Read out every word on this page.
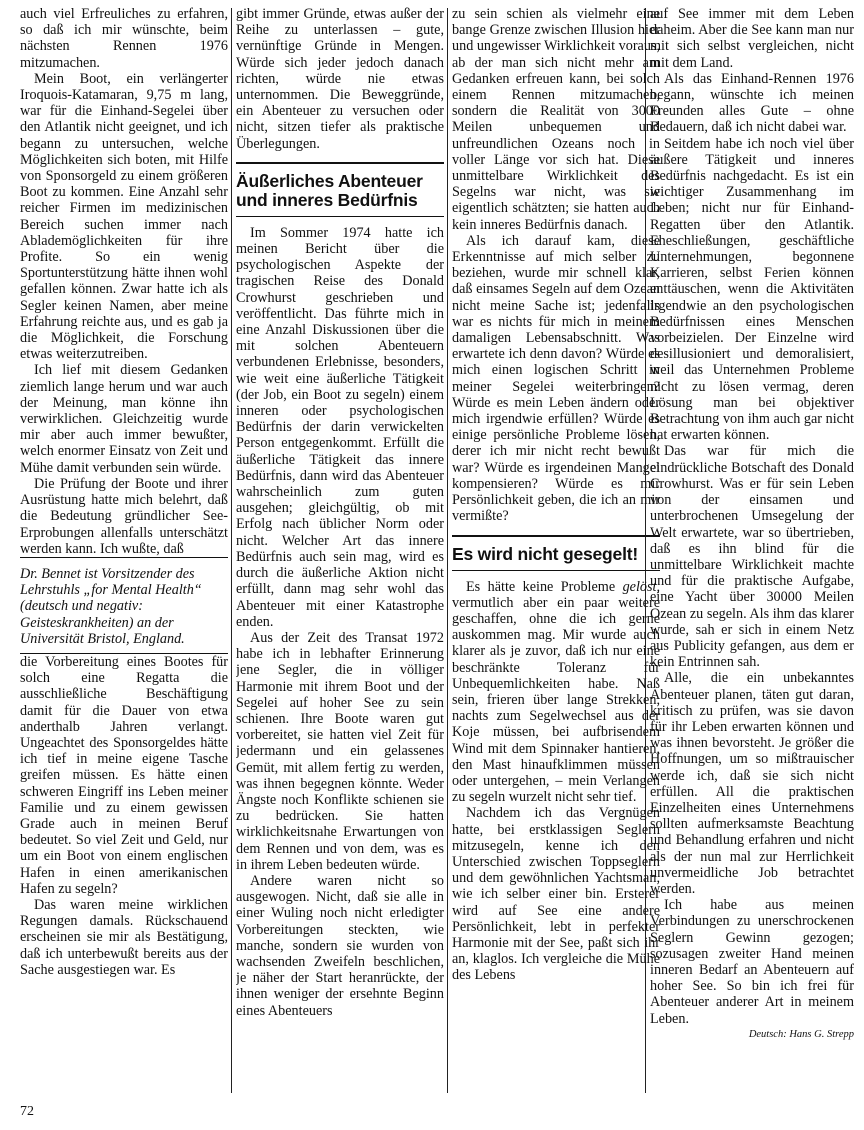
auch viel Erfreuliches zu erfahren, so daß ich mir wünschte, beim nächsten Rennen 1976 mitzumachen.

Mein Boot, ein verlängerter Iroquois-Katamaran, 9,75 m lang, war für die Einhand-Segelei über den Atlantik nicht geeignet, und ich begann zu untersuchen, welche Möglichkeiten sich boten, mit Hilfe von Sponsorgeld zu einem größeren Boot zu kommen. Eine Anzahl sehr reicher Firmen im medizinischen Bereich suchen immer nach Ablademöglichkeiten für ihre Profite. So ein wenig Sportunterstützung hätte ihnen wohl gefallen können. Zwar hatte ich als Segler keinen Namen, aber meine Erfahrung reichte aus, und es gab ja die Möglichkeit, die Forschung etwas weiterzutreiben.

Ich lief mit diesem Gedanken ziemlich lange herum und war auch der Meinung, man könne ihn verwirklichen. Gleichzeitig wurde mir aber auch immer bewußter, welch enormer Einsatz von Zeit und Mühe damit verbunden sein würde.

Die Prüfung der Boote und ihrer Ausrüstung hatte mich belehrt, daß die Bedeutung gründlicher See-Erprobungen allenfalls unterschätzt werden kann. Ich wußte, daß

Dr. Bennet ist Vorsitzender des Lehrstuhls „for Mental Health“ (deutsch und negativ: Geisteskrankheiten) an der Universität Bristol, England.

die Vorbereitung eines Bootes für solch eine Regatta die ausschließliche Beschäftigung damit für die Dauer von etwa anderthalb Jahren verlangt. Ungeachtet des Sponsorgeldes hätte ich tief in meine eigene Tasche greifen müssen. Es hätte einen schweren Eingriff ins Leben meiner Familie und zu einem gewissen Grade auch in meinen Beruf bedeutet. So viel Zeit und Geld, nur um ein Boot von einem englischen Hafen in einen amerikanischen Hafen zu segeln?

Das waren meine wirklichen Regungen damals. Rückschauend erscheinen sie mir als Bestätigung, daß ich unterbewußt bereits aus der Sache ausgestiegen war. Es

gibt immer Gründe, etwas außer der Reihe zu unterlassen – gute, vernünftige Gründe in Mengen. Würde sich jeder jedoch danach richten, würde nie etwas unternommen. Die Beweggründe, ein Abenteuer zu versuchen oder nicht, sitzen tiefer als praktische Überlegungen.

Äußerliches Abenteuer und inneres Bedürfnis

Im Sommer 1974 hatte ich meinen Bericht über die psychologischen Aspekte der tragischen Reise des Donald Crowhurst geschrieben und veröffentlicht. Das führte mich in eine Anzahl Diskussionen über die mit solchen Abenteuern verbundenen Erlebnisse, besonders, wie weit eine äußerliche Tätigkeit (der Job, ein Boot zu segeln) einem inneren oder psychologischen Bedürfnis der darin verwickelten Person entgegenkommt. Erfüllt die äußerliche Tätigkeit das innere Bedürfnis, dann wird das Abenteuer wahrscheinlich zum guten ausgehen; gleichgültig, ob mit Erfolg nach üblicher Norm oder nicht. Welcher Art das innere Bedürfnis auch sein mag, wird es durch die äußerliche Aktion nicht erfüllt, dann mag sehr wohl das Abenteuer mit einer Katastrophe enden.

Aus der Zeit des Transat 1972 habe ich in lebhafter Erinnerung jene Segler, die in völliger Harmonie mit ihrem Boot und der Segelei auf hoher See zu sein schienen. Ihre Boote waren gut vorbereitet, sie hatten viel Zeit für jedermann und ein gelassenes Gemüt, mit allem fertig zu werden, was ihnen begegnen könnte. Weder Ängste noch Konflikte schienen sie zu bedrücken. Sie hatten wirklichkeitsnahe Erwartungen von dem Rennen und von dem, was es in ihrem Leben bedeuten würde.

Andere waren nicht so ausgewogen. Nicht, daß sie alle in einer Wuling noch nicht erledigter Vorbereitungen steckten, wie manche, sondern sie wurden von wachsenden Zweifeln beschlichen, je näher der Start heranrückte, der ihnen weniger der ersehnte Beginn eines Abenteuers

zu sein schien als vielmehr eine bange Grenze zwischen Illusion hier und ungewisser Wirklichkeit voraus, ab der man sich nicht mehr am Gedanken erfreuen kann, bei solch einem Rennen mitzumachen, sondern die Realität von 3000 Meilen unbequemen und unfreundlichen Ozeans noch in voller Länge vor sich hat. Diese unmittelbare Wirklichkeit des Segelns war nicht, was sie eigentlich schätzten; sie hatten auch kein inneres Bedürfnis danach.

Als ich darauf kam, diese Erkenntnisse auf mich selber zu beziehen, wurde mir schnell klar, daß einsames Segeln auf dem Ozean nicht meine Sache ist; jedenfalls war es nichts für mich in meinem damaligen Lebensabschnitt. Was erwartete ich denn davon? Würde es mich einen logischen Schritt in meiner Segelei weiterbringen? Würde es mein Leben ändern oder mich irgendwie erfüllen? Würde es einige persönliche Probleme lösen, derer ich mir nicht recht bewußt war? Würde es irgendeinen Mangel kompensieren? Würde es mir Persönlichkeit geben, die ich an mir vermißte?

Es wird nicht gesegelt!

Es hätte keine Probleme gelöst, vermutlich aber ein paar weitere geschaffen, ohne die ich gerne auskommen mag. Mir wurde auch klarer als je zuvor, daß ich nur eine beschränkte Toleranz für Unbequemlichkeiten habe. Naß sein, frieren über lange Strekken, nachts zum Segelwechsel aus der Koje müssen, bei aufbrisendem Wind mit dem Spinnaker hantieren, den Mast hinaufklimmen müssen oder untergehen, – mein Verlangen zu segeln wurzelt nicht sehr tief.

Nachdem ich das Vergnügen hatte, bei erstklassigen Seglern mitzusegeln, kenne ich den Unterschied zwischen Toppseglern und dem gewöhnlichen Yachtsman, wie ich selber einer bin. Ersterer wird auf See eine andere Persönlichkeit, lebt in perfekter Harmonie mit der See, paßt sich ihr an, klaglos. Ich vergleiche die Mühe des Lebens

auf See immer mit dem Leben daheim. Aber die See kann man nur mit sich selbst vergleichen, nicht mit dem Land.

Als das Einhand-Rennen 1976 begann, wünschte ich meinen Freunden alles Gute – ohne Bedauern, daß ich nicht dabei war.

Seitdem habe ich noch viel über äußere Tätigkeit und inneres Bedürfnis nachgedacht. Es ist ein wichtiger Zusammenhang im Leben; nicht nur für Einhand-Regatten über den Atlantik. Eheschließungen, geschäftliche Unternehmungen, begonnene Karrieren, selbst Ferien können enttäuschen, wenn die Aktivitäten irgendwie an den psychologischen Bedürfnissen eines Menschen vorbeizielen. Der Einzelne wird desillusioniert und demoralisiert, weil das Unternehmen Probleme nicht zu lösen vermag, deren Lösung man bei objektiver Betrachtung von ihm auch gar nicht hat erwarten können.

Das war für mich die eindrückliche Botschaft des Donald Crowhurst. Was er für sein Leben von der einsamen und unterbrochenen Umsegelung der Welt erwartete, war so übertrieben, daß es ihn blind für die unmittelbare Wirklichkeit machte und für die praktische Aufgabe, eine Yacht über 30000 Meilen Ozean zu segeln. Als ihm das klarer wurde, sah er sich in einem Netz aus Publicity gefangen, aus dem er kein Entrinnen sah.

Alle, die ein unbekanntes Abenteuer planen, täten gut daran, kritisch zu prüfen, was sie davon für ihr Leben erwarten können und was ihnen bevorsteht. Je größer die Hoffnungen, um so mißtrauischer werde ich, daß sie sich nicht erfüllen. All die praktischen Einzelheiten eines Unternehmens sollten aufmerksamste Beachtung und Behandlung erfahren und nicht als der nun mal zur Herrlichkeit unvermeidliche Job betrachtet werden.

Ich habe aus meinen Verbindungen zu unerschrockenen Seglern Gewinn gezogen; sozusagen zweiter Hand meinen inneren Bedarf an Abenteuern auf hoher See. So bin ich frei für Abenteuer anderer Art in meinem Leben.

Deutsch: Hans G. Strepp

72
